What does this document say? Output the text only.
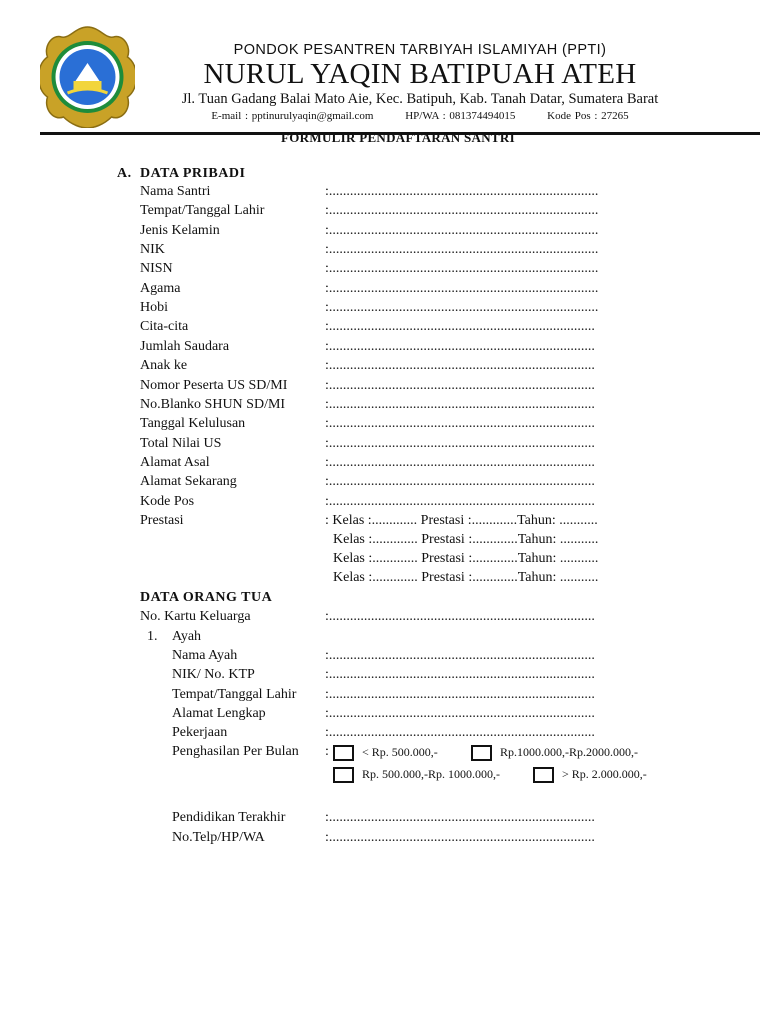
PONDOK PESANTREN TARBIYAH ISLAMIYAH (PPTI)
NURUL YAQIN BATIPUAH ATEH
Jl. Tuan Gadang Balai Mato Aie, Kec. Batipuh, Kab. Tanah Datar, Sumatera Barat
E-mail : pptinurulyaqin@gmail.com	HP/WA : 081374494015	Kode Pos : 27265
FORMULIR PENDAFTARAN SANTRI
A. DATA PRIBADI
Nama Santri	:.............................................................................
Tempat/Tanggal Lahir	:.............................................................................
Jenis Kelamin	:.............................................................................
NIK	:.............................................................................
NISN	:.............................................................................
Agama	:.............................................................................
Hobi	:.............................................................................
Cita-cita	:............................................................................
Jumlah Saudara	:............................................................................
Anak ke	:............................................................................
Nomor Peserta US SD/MI	:............................................................................
No.Blanko SHUN SD/MI	:............................................................................
Tanggal Kelulusan	:............................................................................
Total Nilai US	:............................................................................
Alamat Asal	:............................................................................
Alamat Sekarang	:............................................................................
Kode Pos	:............................................................................
Prestasi	: Kelas :............. Prestasi :.............Tahun: ...........
Kelas :............. Prestasi :.............Tahun: ...........
Kelas :............. Prestasi :.............Tahun: ...........
Kelas :............. Prestasi :.............Tahun: ...........
DATA ORANG TUA
No. Kartu Keluarga	:............................................................................
1. Ayah
Nama Ayah	:............................................................................
NIK/ No. KTP	:............................................................................
Tempat/Tanggal Lahir :............................................................................
Alamat Lengkap	:............................................................................
Pekerjaan	:............................................................................
Penghasilan Per Bulan :	< Rp. 500.000,-	Rp.1000.000,-Rp.2000.000,-
Rp. 500.000,-Rp. 1000.000,-	> Rp. 2.000.000,-
Pendidikan Terakhir	:............................................................................
No.Telp/HP/WA	:............................................................................
